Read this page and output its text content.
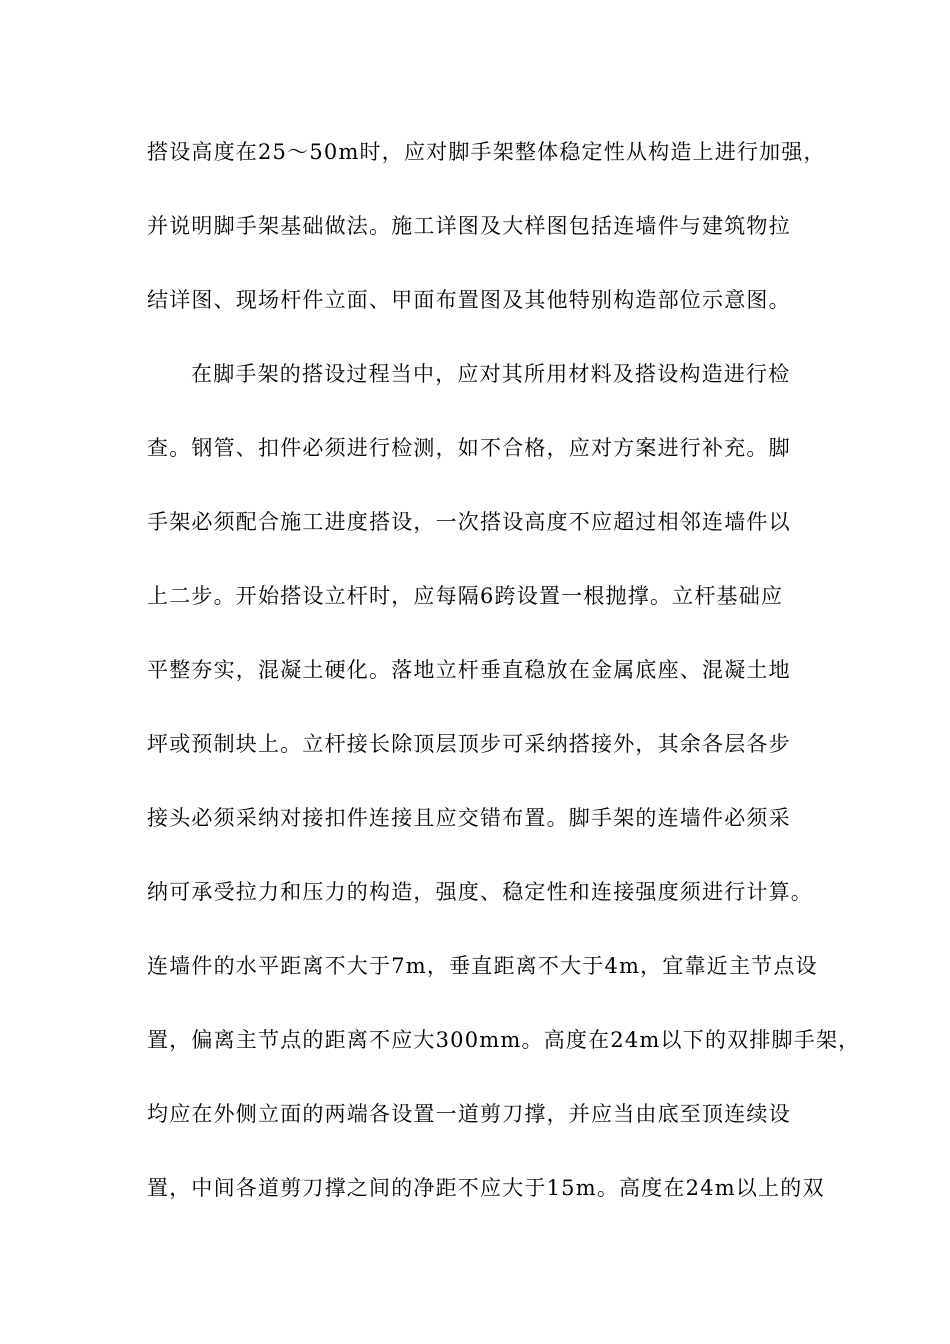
搭设高度在25～50m时，应对脚手架整体稳定性从构造上进行加强，
并说明脚手架基础做法。施工详图及大样图包括连墙件与建筑物拉
结详图、现场杆件立面、甲面布置图及其他特别构造部位示意图。
在脚手架的搭设过程当中，应对其所用材料及搭设构造进行检
查。钢管、扣件必须进行检测，如不合格，应对方案进行补充。脚
手架必须配合施工进度搭设，一次搭设高度不应超过相邻连墙件以
上二步。开始搭设立杆时，应每隔6跨设置一根抛撑。立杆基础应
平整夯实，混凝土硬化。落地立杆垂直稳放在金属底座、混凝土地
坪或预制块上。立杆接长除顶层顶步可采纳搭接外，其余各层各步
接头必须采纳对接扣件连接且应交错布置。脚手架的连墙件必须采
纳可承受拉力和压力的构造，强度、稳定性和连接强度须进行计算。
连墙件的水平距离不大于7m，垂直距离不大于4m，宜靠近主节点设
置，偏离主节点的距离不应大300mm。高度在24m以下的双排脚手架，
均应在外侧立面的两端各设置一道剪刀撑，并应当由底至顶连续设
置，中间各道剪刀撑之间的净距不应大于15m。高度在24m以上的双
